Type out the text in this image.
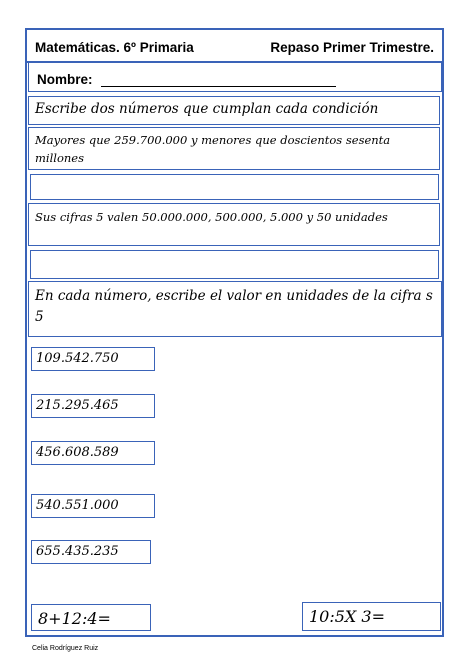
Matemáticas. 6º Primaria	Repaso Primer Trimestre.
Nombre:
Escribe dos números que cumplan cada condición
Mayores que 259.700.000 y menores que doscientos sesenta millones
Sus cifras 5 valen 50.000.000, 500.000, 5.000 y 50 unidades
En cada número, escribe el valor en unidades de la cifra s 5
109.542.750
215.295.465
456.608.589
540.551.000
655.435.235
8+12:4=	10:5X 3=
Celia Rodríguez Ruiz
